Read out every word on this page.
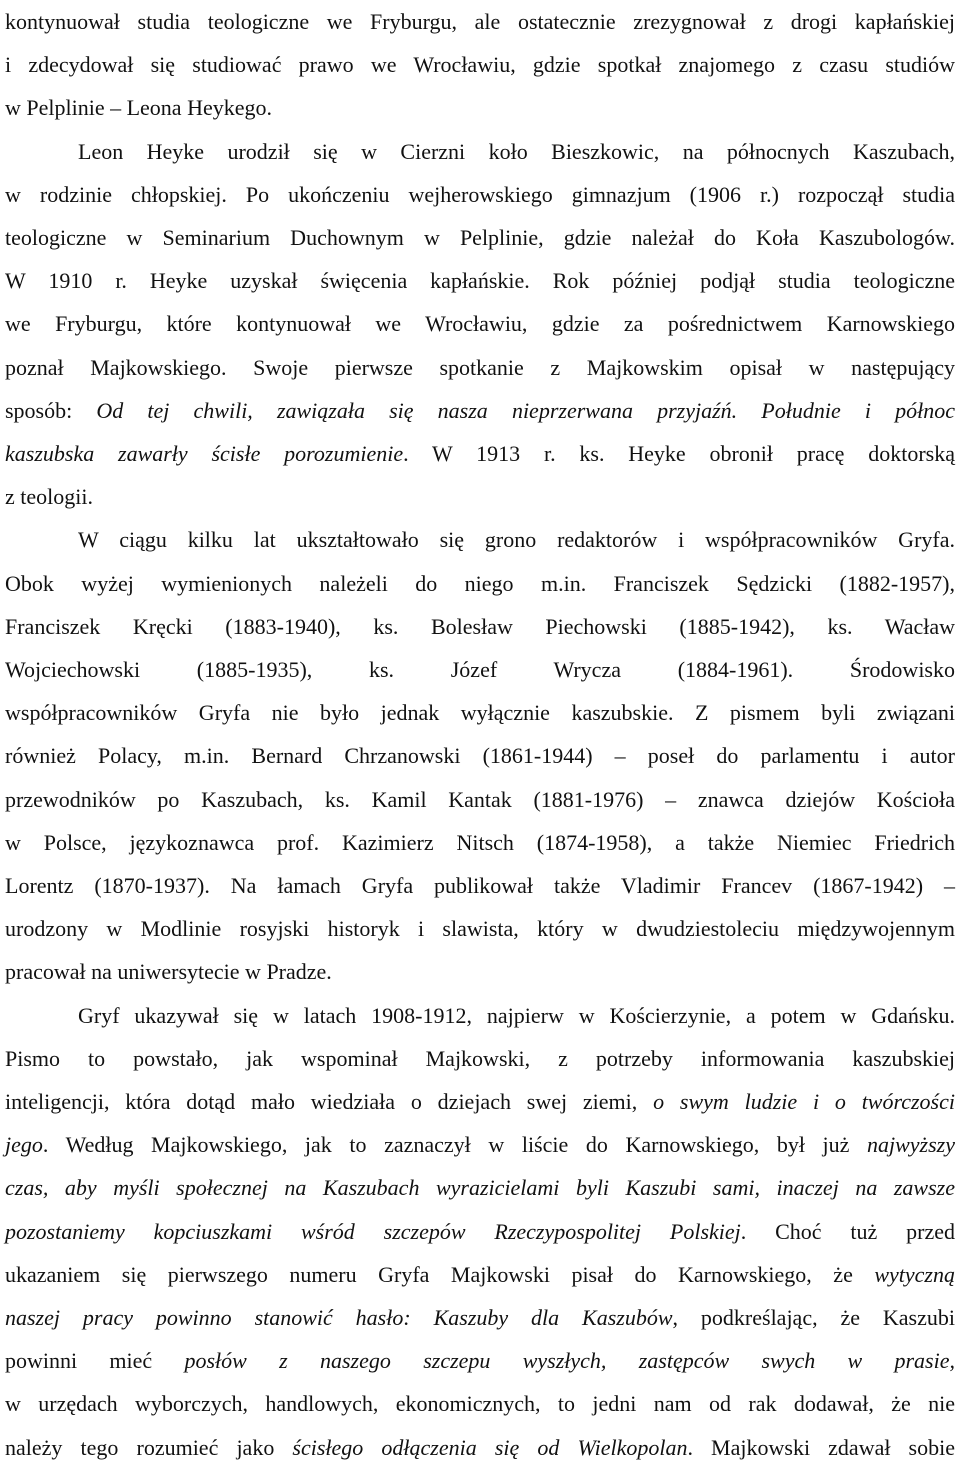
kontynuował studia teologiczne we Fryburgu, ale ostatecznie zrezygnował z drogi kapłańskiej
i zdecydował się studiować prawo we Wrocławiu, gdzie spotkał znajomego z czasu studiów
w Pelplinie – Leona Heykego.
Leon Heyke urodził się w Cierzni koło Bieszkowic, na północnych Kaszubach,
w rodzinie chłopskiej. Po ukończeniu wejherowskiego gimnazjum (1906 r.) rozpoczął studia
teologiczne w Seminarium Duchownym w Pelplinie, gdzie należał do Koła Kaszubologów.
W 1910 r. Heyke uzyskał święcenia kapłańskie. Rok później podjął studia teologiczne
we Fryburgu, które kontynuował we Wrocławiu, gdzie za pośrednictwem Karnowskiego
poznał Majkowskiego. Swoje pierwsze spotkanie z Majkowskim opisał w następujący
sposób: Od tej chwili, zawiązała się nasza nieprzerwana przyjaźń. Południe i północ
kaszubska zawarły ścisłe porozumienie. W 1913 r. ks. Heyke obronił pracę doktorską
z teologii.
W ciągu kilku lat ukształtowało się grono redaktorów i współpracowników Gryfa.
Obok wyżej wymienionych należeli do niego m.in. Franciszek Sędzicki (1882-1957),
Franciszek Kręcki (1883-1940), ks. Bolesław Piechowski (1885-1942), ks. Wacław
Wojciechowski (1885-1935), ks. Józef Wrycza (1884-1961). Środowisko
współpracowników Gryfa nie było jednak wyłącznie kaszubskie. Z pismem byli związani
również Polacy, m.in. Bernard Chrzanowski (1861-1944) – poseł do parlamentu i autor
przewodników po Kaszubach, ks. Kamil Kantak (1881-1976) – znawca dziejów Kościoła
w Polsce, językoznawca prof. Kazimierz Nitsch (1874-1958), a także Niemiec Friedrich
Lorentz (1870-1937). Na łamach Gryfa publikował także Vladimir Francev (1867-1942) –
urodzony w Modlinie rosyjski historyk i slawista, który w dwudziestoleciu międzywojennym
pracował na uniwersytecie w Pradze.
Gryf ukazywał się w latach 1908-1912, najpierw w Kościerzynie, a potem w Gdańsku.
Pismo to powstało, jak wspominał Majkowski, z potrzeby informowania kaszubskiej
inteligencji, która dotąd mało wiedziała o dziejach swej ziemi, o swym ludzie i o twórczości
jego. Według Majkowskiego, jak to zaznaczył w liście do Karnowskiego, był już najwyższy
czas, aby myśli społecznej na Kaszubach wyrazicielami byli Kaszubi sami, inaczej na zawsze
pozostaniemy kopciuszkami wśród szczepów Rzeczypospolitej Polskiej. Choć tuż przed
ukazaniem się pierwszego numeru Gryfa Majkowski pisał do Karnowskiego, że wytyczną
naszej pracy powinno stanowić hasło: Kaszuby dla Kaszubów, podkreślając, że Kaszubi
powinni mieć posłów z naszego szczepu wyszłych, zastępców swych w prasie,
w urzędach wyborczych, handlowych, ekonomicznych, to jedni nam od rak dodawał, że nie
należy tego rozumieć jako ścisłego odłączenia się od Wielkopolan. Majkowski zdawał sobie
